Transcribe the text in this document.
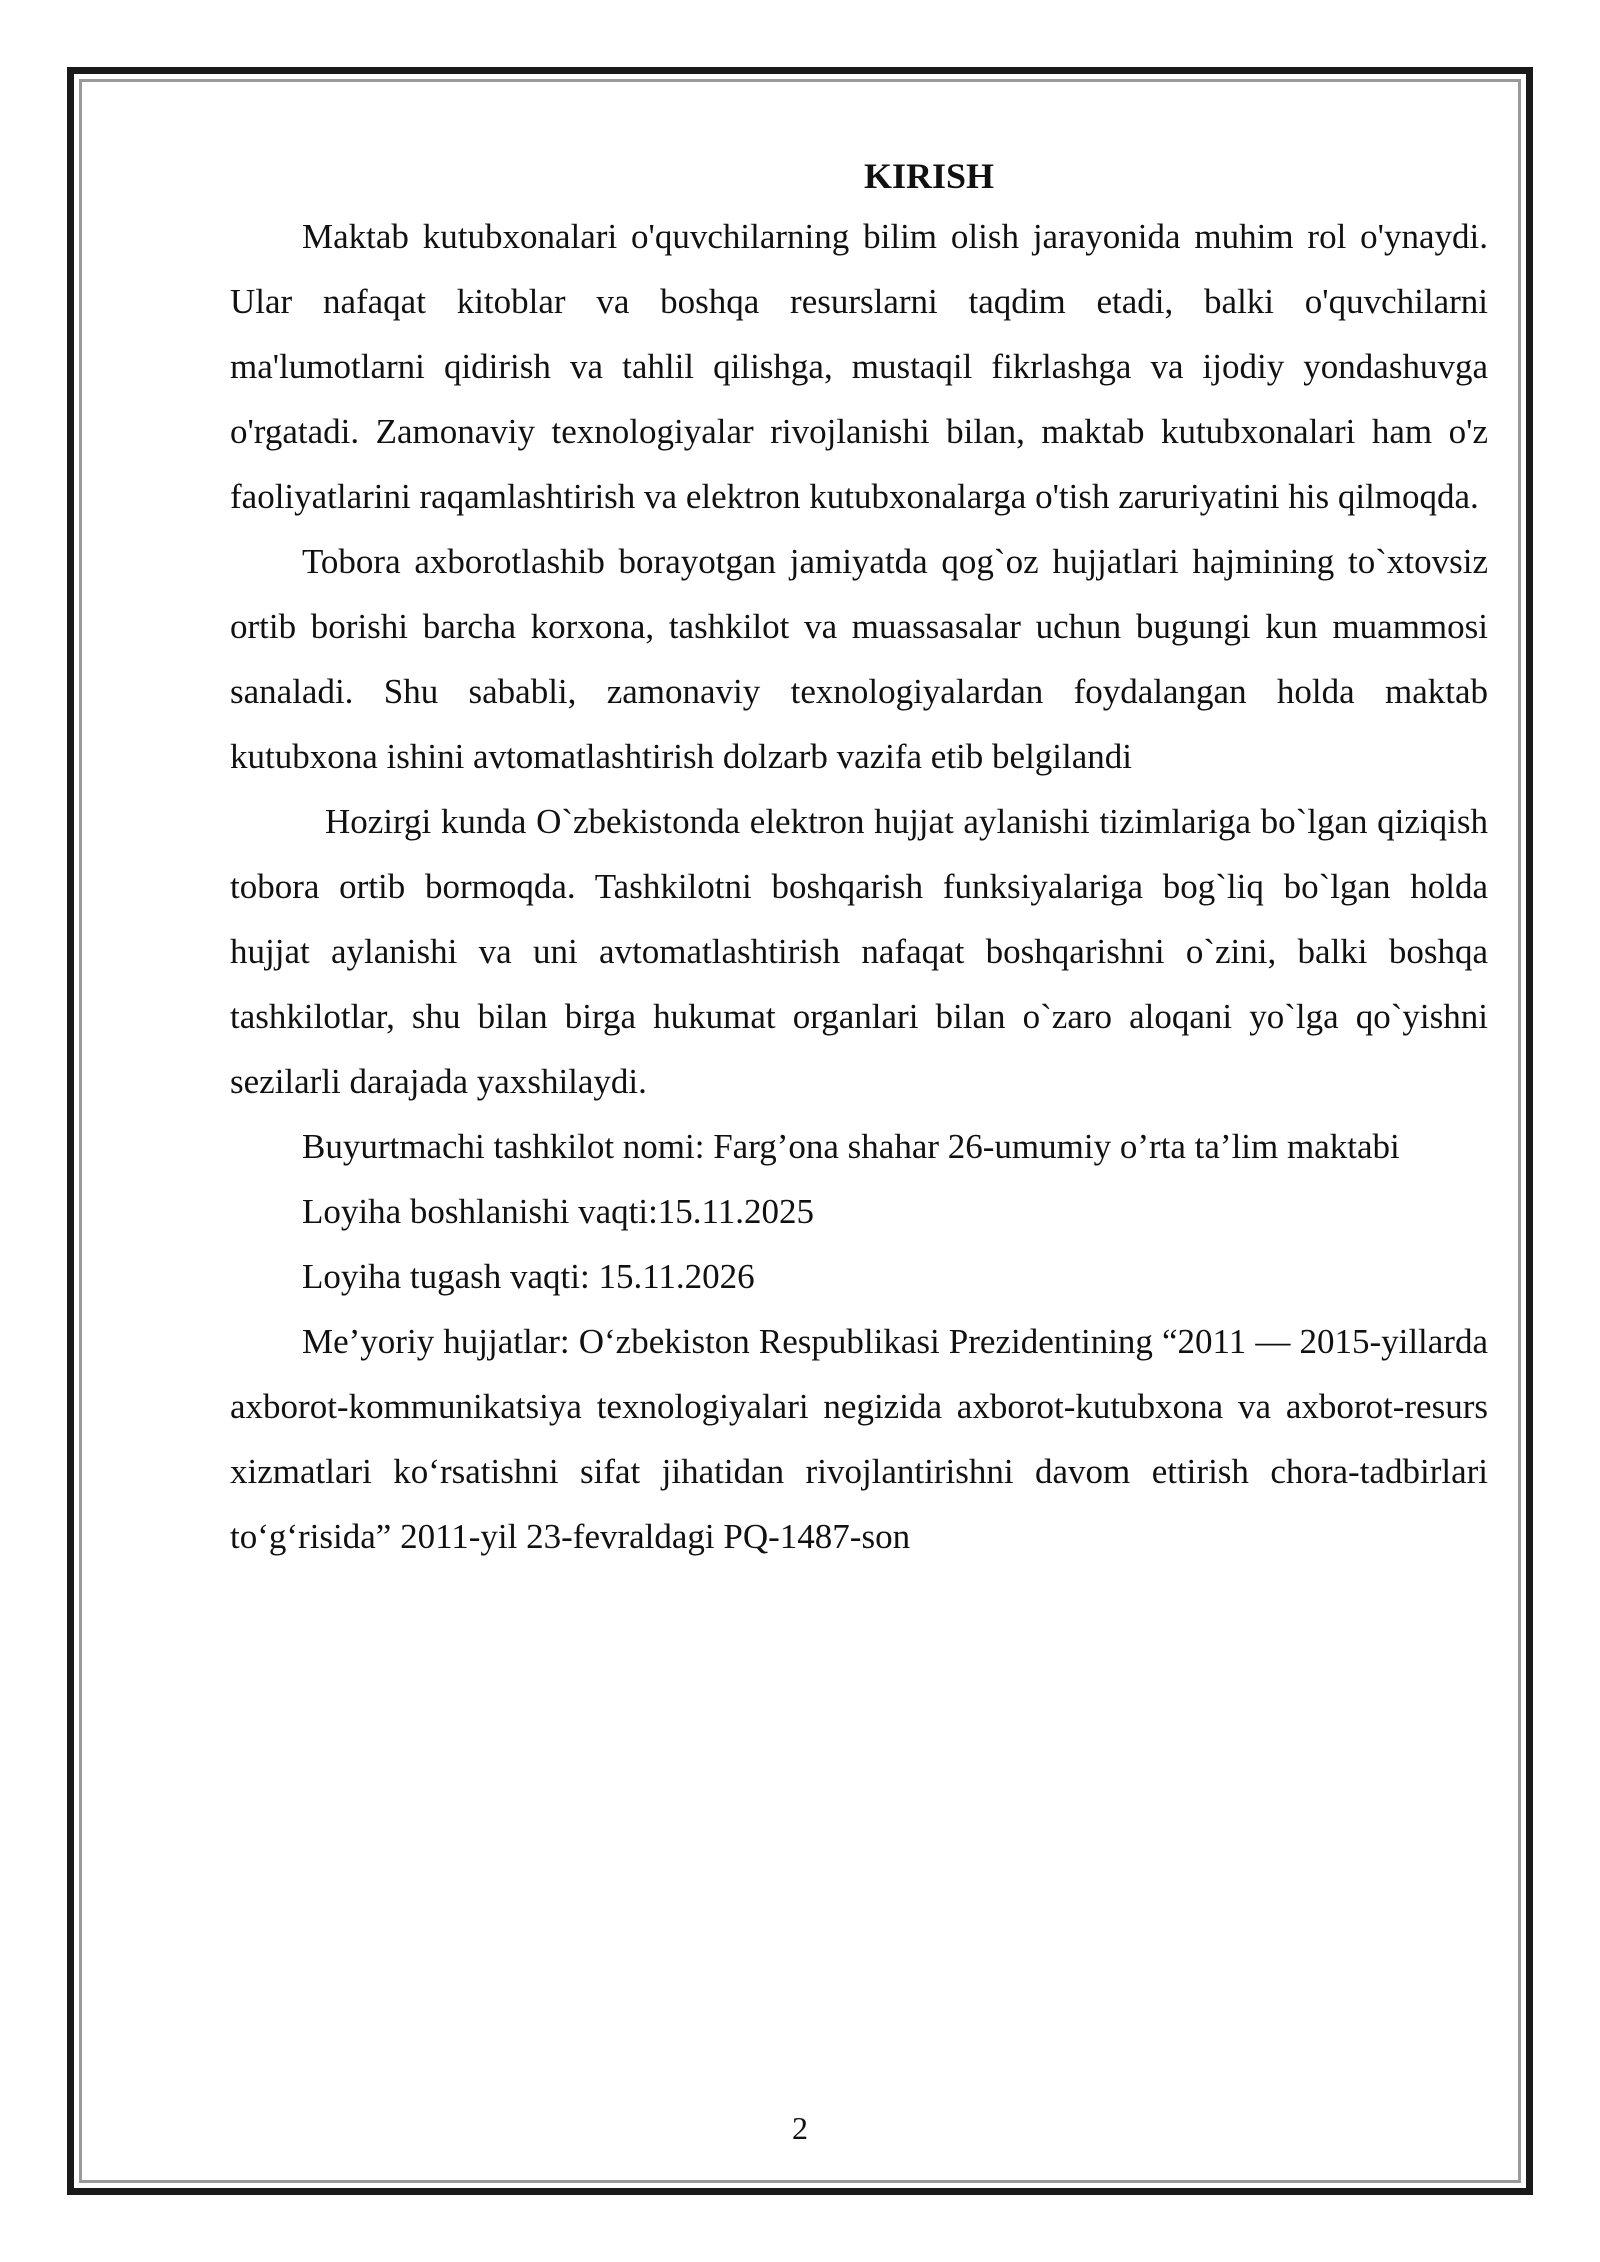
KIRISH

Maktab kutubxonalari o'quvchilarning bilim olish jarayonida muhim rol o'ynaydi. Ular nafaqat kitoblar va boshqa resurslarni taqdim etadi, balki o'quvchilarni ma'lumotlarni qidirish va tahlil qilishga, mustaqil fikrlashga va ijodiy yondashuvga o'rgatadi. Zamonaviy texnologiyalar rivojlanishi bilan, maktab kutubxonalari ham o'z faoliyatlarini raqamlashtirish va elektron kutubxonalarga o'tish zaruriyatini his qilmoqda.

Tobora axborotlashib borayotgan jamiyatda qog`oz hujjatlari hajmining to`xtovsiz ortib borishi barcha korxona, tashkilot va muassasalar uchun bugungi kun muammosi sanaladi. Shu sababli, zamonaviy texnologiyalardan foydalangan holda maktab kutubxona ishini avtomatlashtirish dolzarb vazifa etib belgilandi

Hozirgi kunda O`zbekistonda elektron hujjat aylanishi tizimlariga bo`lgan qiziqish tobora ortib bormoqda. Tashkilotni boshqarish funksiyalariga bog`liq bo`lgan holda hujjat aylanishi va uni avtomatlashtirish nafaqat boshqarishni o`zini, balki boshqa tashkilotlar, shu bilan birga hukumat organlari bilan o`zaro aloqani yo`lga qo`yishni sezilarli darajada yaxshilaydi.

Buyurtmachi tashkilot nomi: Farg’ona shahar 26-umumiy o’rta ta’lim maktabi

Loyiha boshlanishi vaqti:15.11.2025

Loyiha tugash vaqti: 15.11.2026

Me’yoriy hujjatlar: O‘zbekiston Respublikasi Prezidentining “2011 — 2015-yillarda axborot-kommunikatsiya texnologiyalari negizida axborot-kutubxona va axborot-resurs xizmatlari ko‘rsatishni sifat jihatidan rivojlantirishni davom ettirish chora-tadbirlari to‘g‘risida” 2011-yil 23-fevraldagi PQ-1487-son

2
